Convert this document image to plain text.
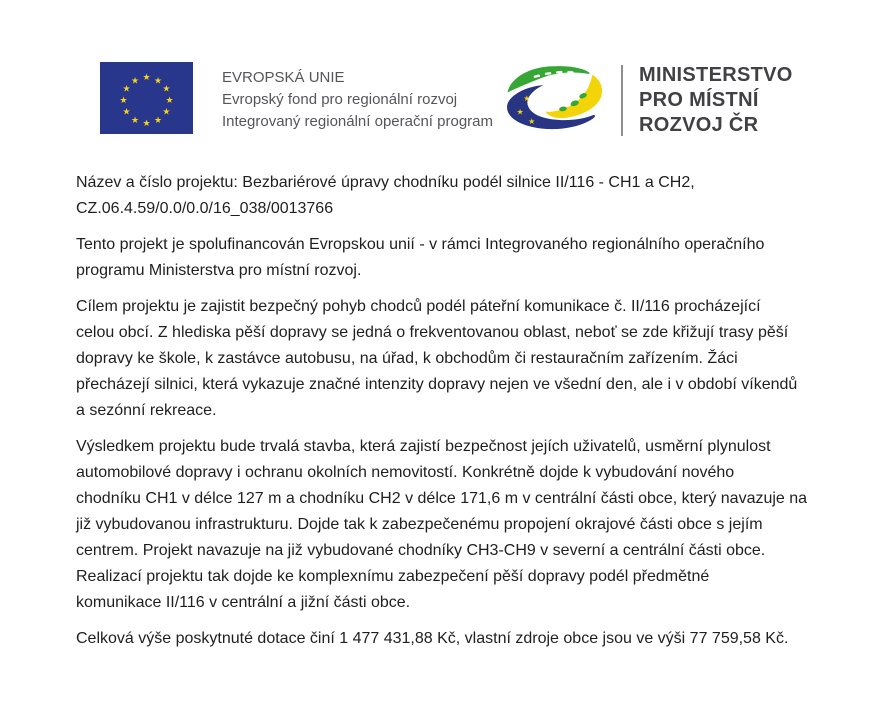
★ ★
★
★
★
★
★
★
★
★
★
★	EVROPSKÁ UNIE
Evropský fond pro regionální rozvoj
Integrovaný regionální operační program
★
★
★
MINISTERSTVO
PRO MÍSTNÍ
ROZVOJ ČR

Název a číslo projektu: Bezbariérové úpravy chodníku podél silnice II/116 - CH1 a CH2,
CZ.06.4.59/0.0/0.0/16_038/0013766

Tento projekt je spolufinancován Evropskou unií - v rámci Integrovaného regionálního operačního
programu Ministerstva pro místní rozvoj.

Cílem projektu je zajistit bezpečný pohyb chodců podél páteřní komunikace č. II/116 procházející
celou obcí. Z hlediska pěší dopravy se jedná o frekventovanou oblast, neboť se zde křižují trasy pěší
dopravy ke škole, k zastávce autobusu, na úřad, k obchodům či restauračním zařízením. Žáci
přecházejí silnici, která vykazuje značné intenzity dopravy nejen ve všední den, ale i v období víkendů
a sezónní rekreace.

Výsledkem projektu bude trvalá stavba, která zajistí bezpečnost jejích uživatelů, usměrní plynulost
automobilové dopravy i ochranu okolních nemovitostí. Konkrétně dojde k vybudování nového
chodníku CH1 v délce 127 m a chodníku CH2 v délce 171,6 m v centrální části obce, který navazuje na
již vybudovanou infrastrukturu. Dojde tak k zabezpečenému propojení okrajové části obce s jejím
centrem. Projekt navazuje na již vybudované chodníky CH3-CH9 v severní a centrální části obce.
Realizací projektu tak dojde ke komplexnímu zabezpečení pěší dopravy podél předmětné
komunikace II/116 v centrální a jižní části obce.

Celková výše poskytnuté dotace činí 1 477 431,88 Kč, vlastní zdroje obce jsou ve výši 77 759,58 Kč.
